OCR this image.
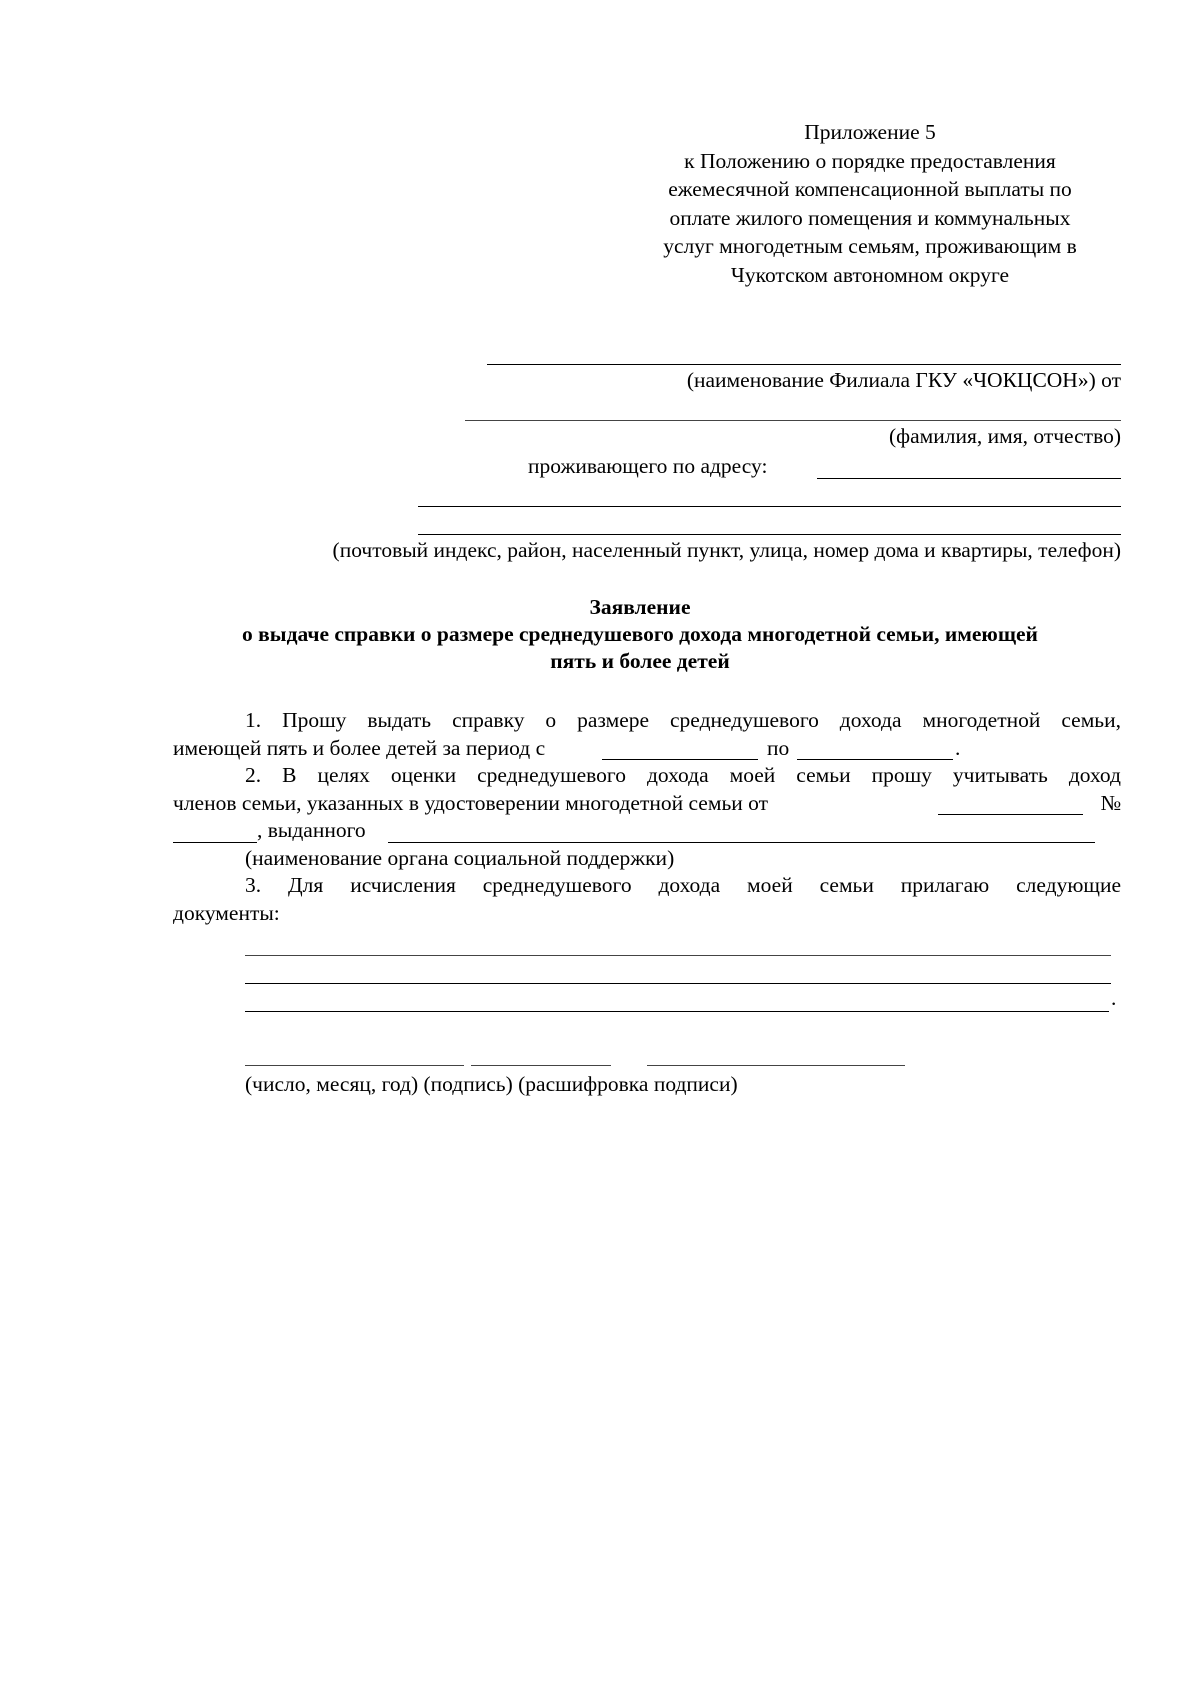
Приложение 5
к Положению о порядке предоставления
ежемесячной компенсационной выплаты по
оплате жилого помещения и коммунальных
услуг многодетным семьям, проживающим в
Чукотском автономном округе
(наименование Филиала ГКУ «ЧОКЦСОН») от
(фамилия, имя, отчество)
проживающего по адресу:
(почтовый индекс, район, населенный пункт, улица, номер дома и квартиры, телефон)
Заявление
о выдаче справки о размере среднедушевого дохода многодетной семьи, имеющей
пять и более детей
1. Прошу выдать справку о размере среднедушевого дохода многодетной семьи,
имеющей пять и более детей за период с	по	.
2. В целях оценки среднедушевого дохода моей семьи прошу учитывать доход
членов семьи, указанных в удостоверении многодетной семьи от	№
, выданного
(наименование органа социальной поддержки)
3. Для исчисления среднедушевого дохода моей семьи прилагаю следующие
документы:
.
(число, месяц, год) (подпись) (расшифровка подписи)
